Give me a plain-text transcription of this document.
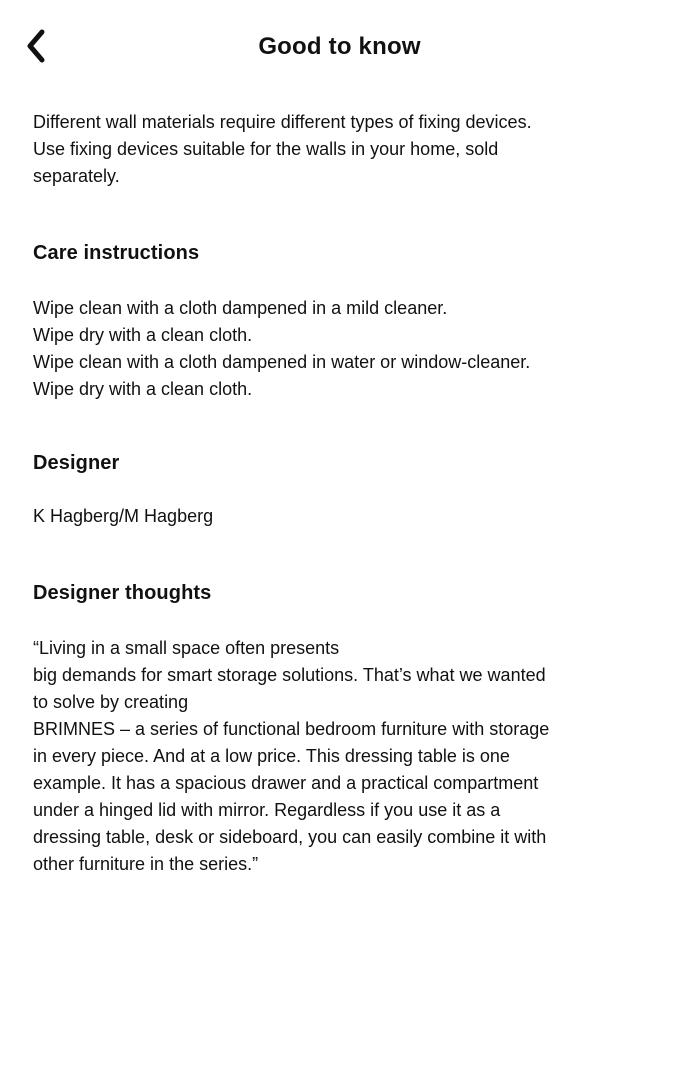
Good to know

Different wall materials require different types of fixing devices.
Use fixing devices suitable for the walls in your home, sold
separately.

Care instructions

Wipe clean with a cloth dampened in a mild cleaner.
Wipe dry with a clean cloth.
Wipe clean with a cloth dampened in water or window-cleaner.
Wipe dry with a clean cloth.

Designer

K Hagberg/M Hagberg

Designer thoughts

“Living in a small space often presents
big demands for smart storage solutions. That’s what we wanted
to solve by creating
BRIMNES – a series of functional bedroom furniture with storage
in every piece. And at a low price. This dressing table is one
example. It has a spacious drawer and a practical compartment
under a hinged lid with mirror. Regardless if you use it as a
dressing table, desk or sideboard, you can easily combine it with
other furniture in the series.”
